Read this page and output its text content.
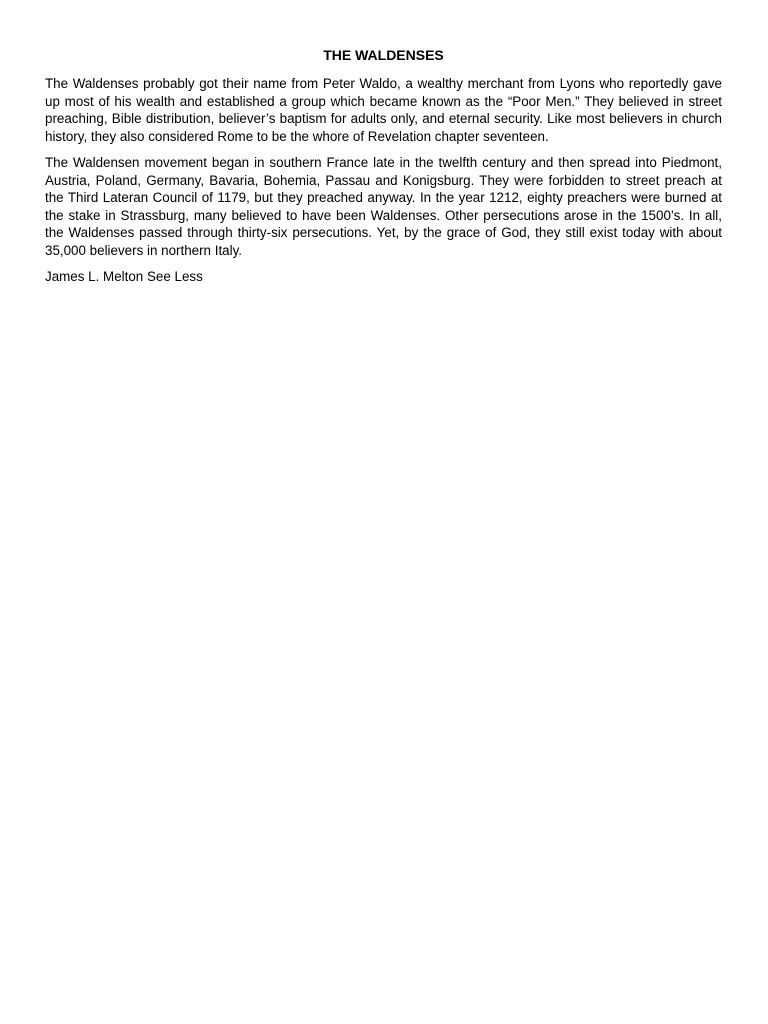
THE WALDENSES

The Waldenses probably got their name from Peter Waldo, a wealthy merchant from Lyons who reportedly gave up most of his wealth and established a group which became known as the “Poor Men.” They believed in street preaching, Bible distribution, believer’s baptism for adults only, and eternal security. Like most believers in church history, they also considered Rome to be the whore of Revelation chapter seventeen.

The Waldensen movement began in southern France late in the twelfth century and then spread into Piedmont, Austria, Poland, Germany, Bavaria, Bohemia, Passau and Konigsburg. They were forbidden to street preach at the Third Lateran Council of 1179, but they preached anyway. In the year 1212, eighty preachers were burned at the stake in Strassburg, many believed to have been Waldenses. Other persecutions arose in the 1500’s. In all, the Waldenses passed through thirty-six persecutions. Yet, by the grace of God, they still exist today with about 35,000 believers in northern Italy.

James L. Melton See Less
